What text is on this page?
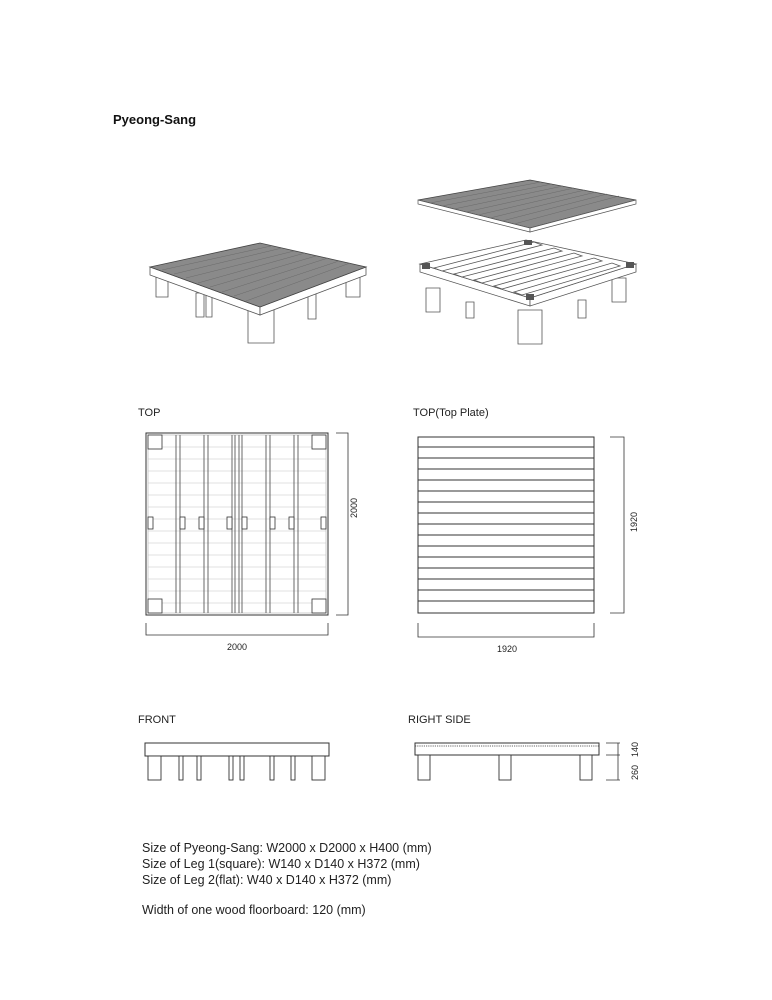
Pyeong-Sang
TOP
2000
2000
TOP(Top Plate)
1920
1920
FRONT	RIGHT SIDE
140
260
Size of Pyeong-Sang: W2000 x D2000 x H400 (mm)
Size of Leg 1(square): W140 x D140 x H372 (mm)
Size of Leg 2(flat): W40 x D140 x H372 (mm)
Width of one wood floorboard: 120 (mm)
